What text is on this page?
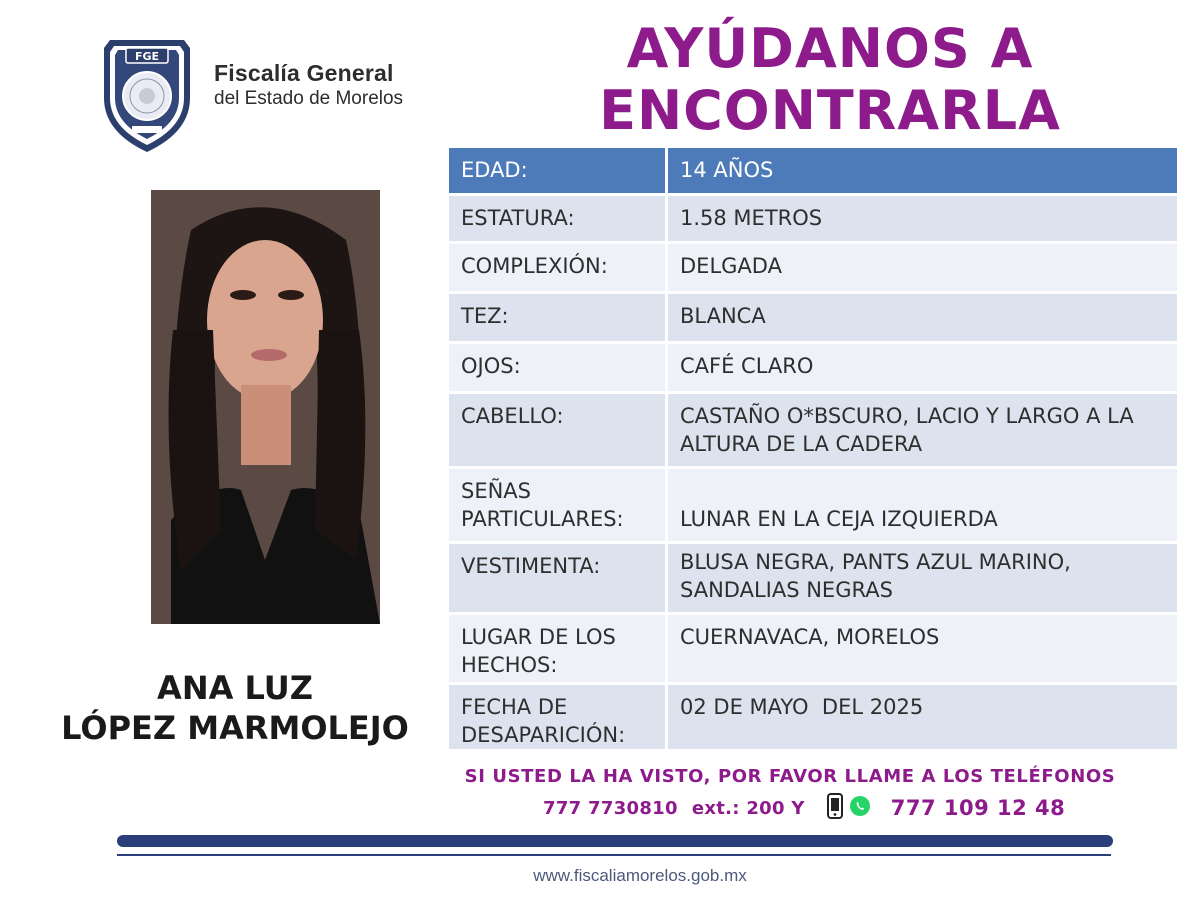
FGE
Fiscalía General
del Estado de Morelos
AYÚDANOS A
ENCONTRARLA
ANA LUZ
LÓPEZ MARMOLEJO
EDAD:	14 AÑOS
ESTATURA:	1.58 METROS
COMPLEXIÓN:	DELGADA
TEZ:	BLANCA
OJOS:	CAFÉ CLARO
CABELLO:	CASTAÑO O*BSCURO, LACIO Y LARGO A LA ALTURA DE LA CADERA
SEÑAS PARTICULARES:	LUNAR EN LA CEJA IZQUIERDA
VESTIMENTA:	BLUSA NEGRA, PANTS AZUL MARINO, SANDALIAS NEGRAS
LUGAR DE LOS HECHOS:
CUERNAVACA, MORELOS
FECHA DE DESAPARICIÓN:
02 DE MAYO  DEL 2025
SI USTED LA HA VISTO, POR FAVOR LLAME A LOS TELÉFONOS
777 7730810 ext.: 200 Y	777 109 12 48
www.fiscaliamorelos.gob.mx
